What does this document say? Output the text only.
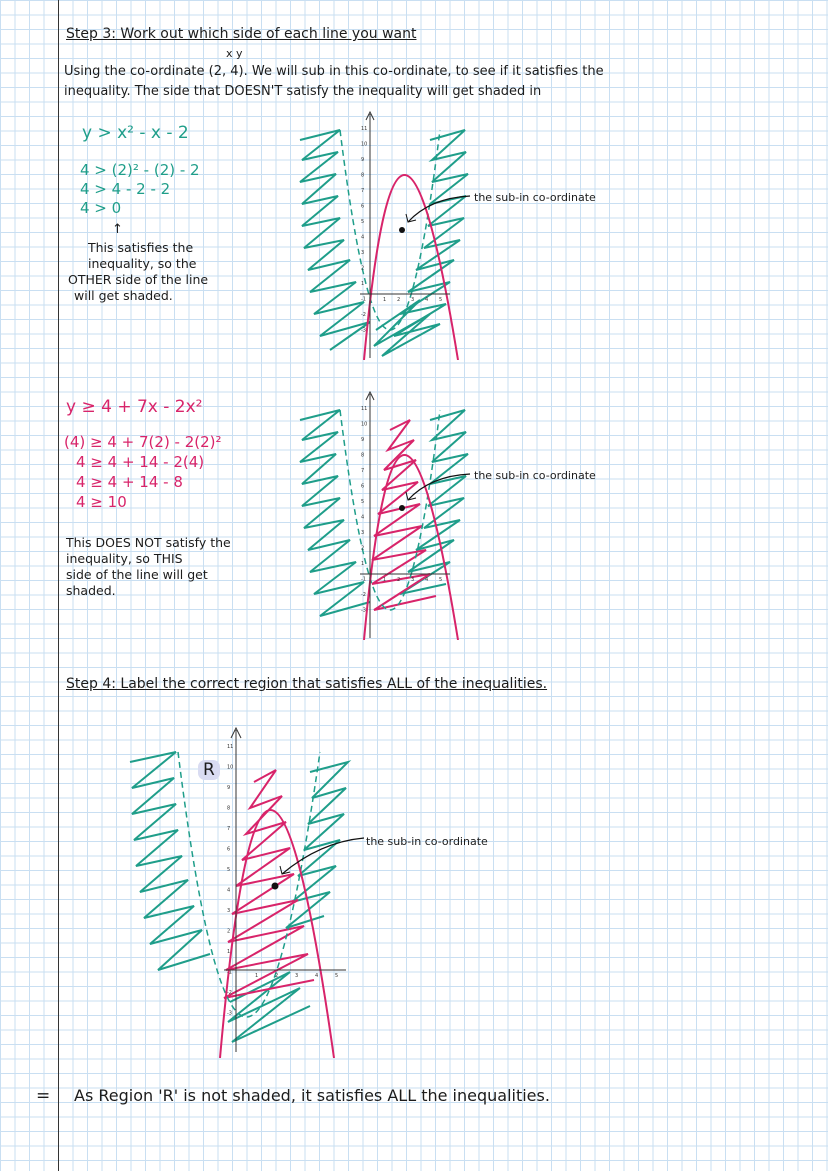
Step 3: Work out which side of each line you want
x y
Using the co-ordinate (2, 4). We will sub in this co-ordinate, to see if it satisfies the
inequality. The side that DOESN'T satisfy the inequality will get shaded in
y > x² - x - 2
4 > (2)² - (2) - 2
4 > 4 - 2 - 2
4 > 0
↑
This satisfies the
inequality, so the
OTHER side of the line
will get shaded.
y ≥ 4 + 7x - 2x²
(4) ≥ 4 + 7(2) - 2(2)²
4 ≥ 4 + 14 - 2(4)
4 ≥ 4 + 14 - 8
4 ≥ 10
This DOES NOT satisfy the
inequality, so THIS
side of the line will get
shaded.
the sub-in co-ordinate
the sub-in co-ordinate
11
10
9
8
7
6
5
4
3
2
1
-1
-2
-3
1 2 3 4 5
11
10
9
8
7
6
5
4
3
2
1
-1
-2
-3
1 2 3 4 5
Step 4: Label the correct region that satisfies ALL of the inequalities.
the sub-in co-ordinate
R
11
10
9
8
7
6
5
4
3
2
1
-1
-2
-3
1	2	3	4	5
= As Region 'R' is not shaded, it satisfies ALL the inequalities.
